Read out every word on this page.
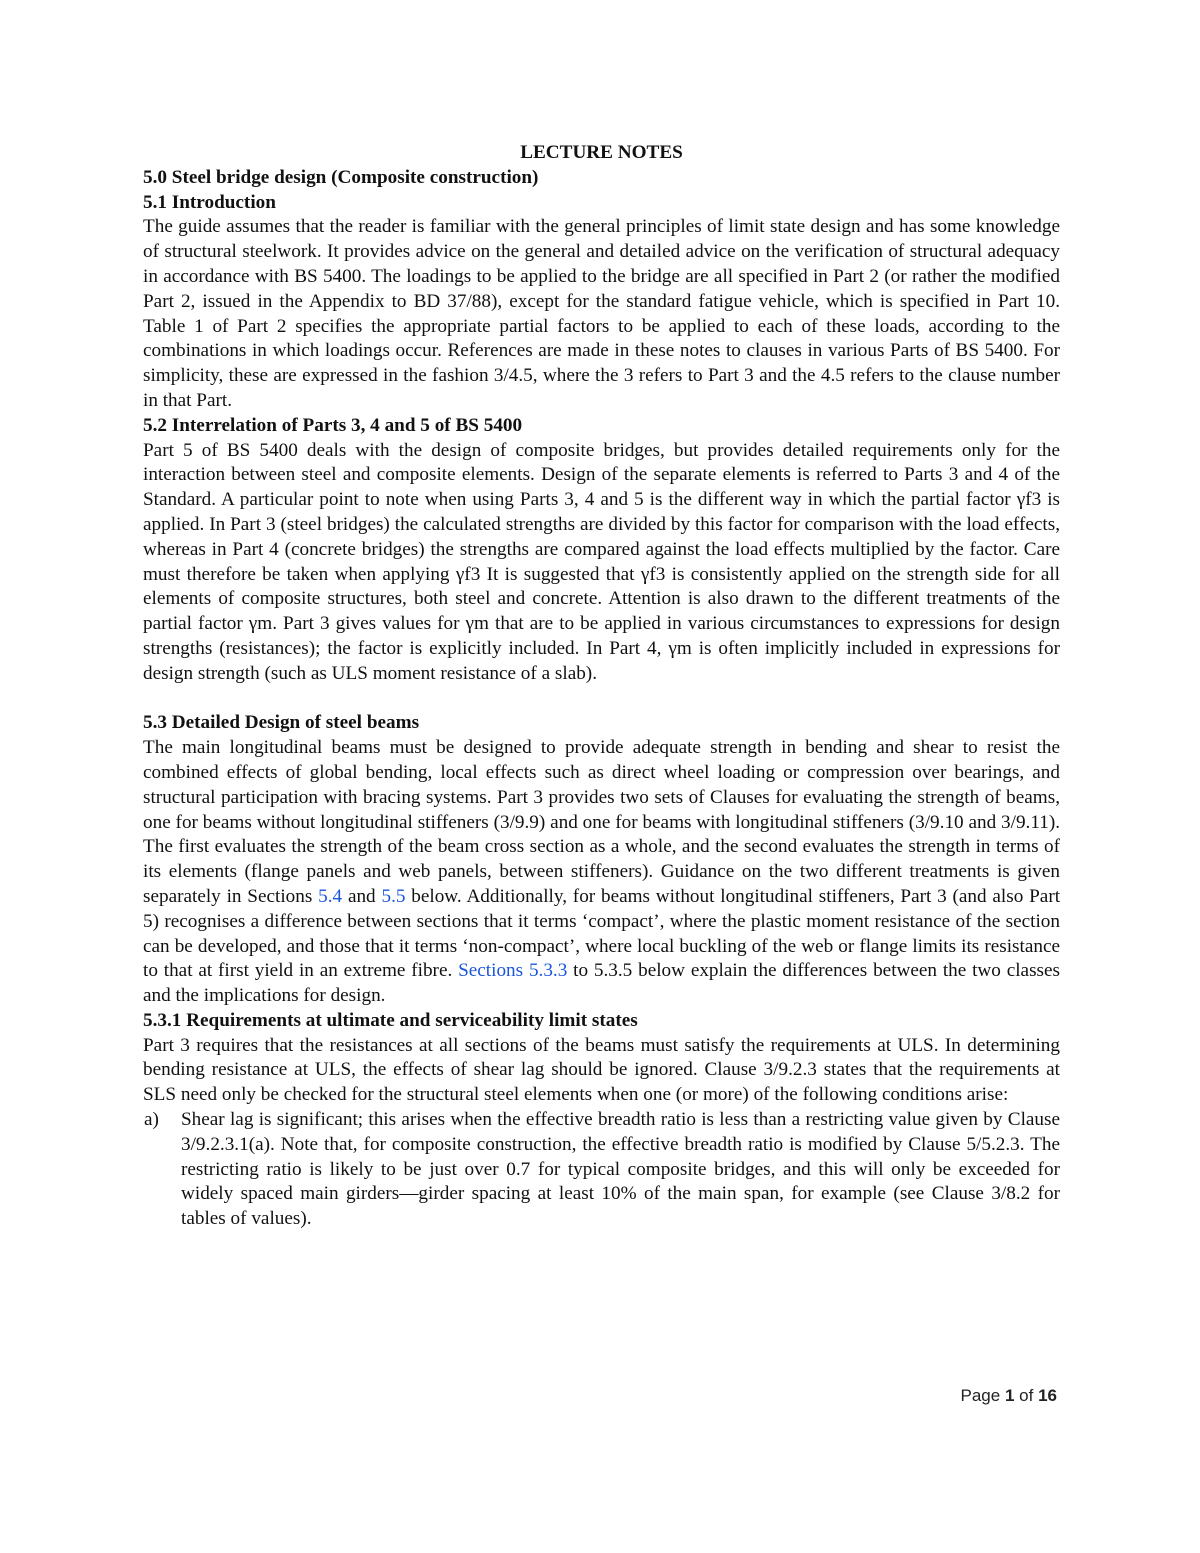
LECTURE NOTES

5.0 Steel bridge design (Composite construction)

5.1 Introduction

The guide assumes that the reader is familiar with the general principles of limit state design and has some knowledge of structural steelwork. It provides advice on the general and detailed advice on the verification of structural adequacy in accordance with BS 5400. The loadings to be applied to the bridge are all specified in Part 2 (or rather the modified Part 2, issued in the Appendix to BD 37/88), except for the standard fatigue vehicle, which is specified in Part 10. Table 1 of Part 2 specifies the appropriate partial factors to be applied to each of these loads, according to the combinations in which loadings occur. References are made in these notes to clauses in various Parts of BS 5400. For simplicity, these are expressed in the fashion 3/4.5, where the 3 refers to Part 3 and the 4.5 refers to the clause number in that Part.

5.2 Interrelation of Parts 3, 4 and 5 of BS 5400

Part 5 of BS 5400 deals with the design of composite bridges, but provides detailed requirements only for the interaction between steel and composite elements. Design of the separate elements is referred to Parts 3 and 4 of the Standard. A particular point to note when using Parts 3, 4 and 5 is the different way in which the partial factor γf3 is applied. In Part 3 (steel bridges) the calculated strengths are divided by this factor for comparison with the load effects, whereas in Part 4 (concrete bridges) the strengths are compared against the load effects multiplied by the factor. Care must therefore be taken when applying γf3 It is suggested that γf3 is consistently applied on the strength side for all elements of composite structures, both steel and concrete. Attention is also drawn to the different treatments of the partial factor γm. Part 3 gives values for γm that are to be applied in various circumstances to expressions for design strengths (resistances); the factor is explicitly included. In Part 4, γm is often implicitly included in expressions for design strength (such as ULS moment resistance of a slab).

5.3 Detailed Design of steel beams

The main longitudinal beams must be designed to provide adequate strength in bending and shear to resist the combined effects of global bending, local effects such as direct wheel loading or compression over bearings, and structural participation with bracing systems. Part 3 provides two sets of Clauses for evaluating the strength of beams, one for beams without longitudinal stiffeners (3/9.9) and one for beams with longitudinal stiffeners (3/9.10 and 3/9.11). The first evaluates the strength of the beam cross section as a whole, and the second evaluates the strength in terms of its elements (flange panels and web panels, between stiffeners). Guidance on the two different treatments is given separately in Sections 5.4 and 5.5 below. Additionally, for beams without longitudinal stiffeners, Part 3 (and also Part 5) recognises a difference between sections that it terms ‘compact’, where the plastic moment resistance of the section can be developed, and those that it terms ‘non-compact’, where local buckling of the web or flange limits its resistance to that at first yield in an extreme fibre. Sections 5.3.3 to 5.3.5 below explain the differences between the two classes and the implications for design.

5.3.1 Requirements at ultimate and serviceability limit states

Part 3 requires that the resistances at all sections of the beams must satisfy the requirements at ULS. In determining bending resistance at ULS, the effects of shear lag should be ignored. Clause 3/9.2.3 states that the requirements at SLS need only be checked for the structural steel elements when one (or more) of the following conditions arise:

a) Shear lag is significant; this arises when the effective breadth ratio is less than a restricting value given by Clause 3/9.2.3.1(a). Note that, for composite construction, the effective breadth ratio is modified by Clause 5/5.2.3. The restricting ratio is likely to be just over 0.7 for typical composite bridges, and this will only be exceeded for widely spaced main girders—girder spacing at least 10% of the main span, for example (see Clause 3/8.2 for tables of values).
Page 1 of 16
